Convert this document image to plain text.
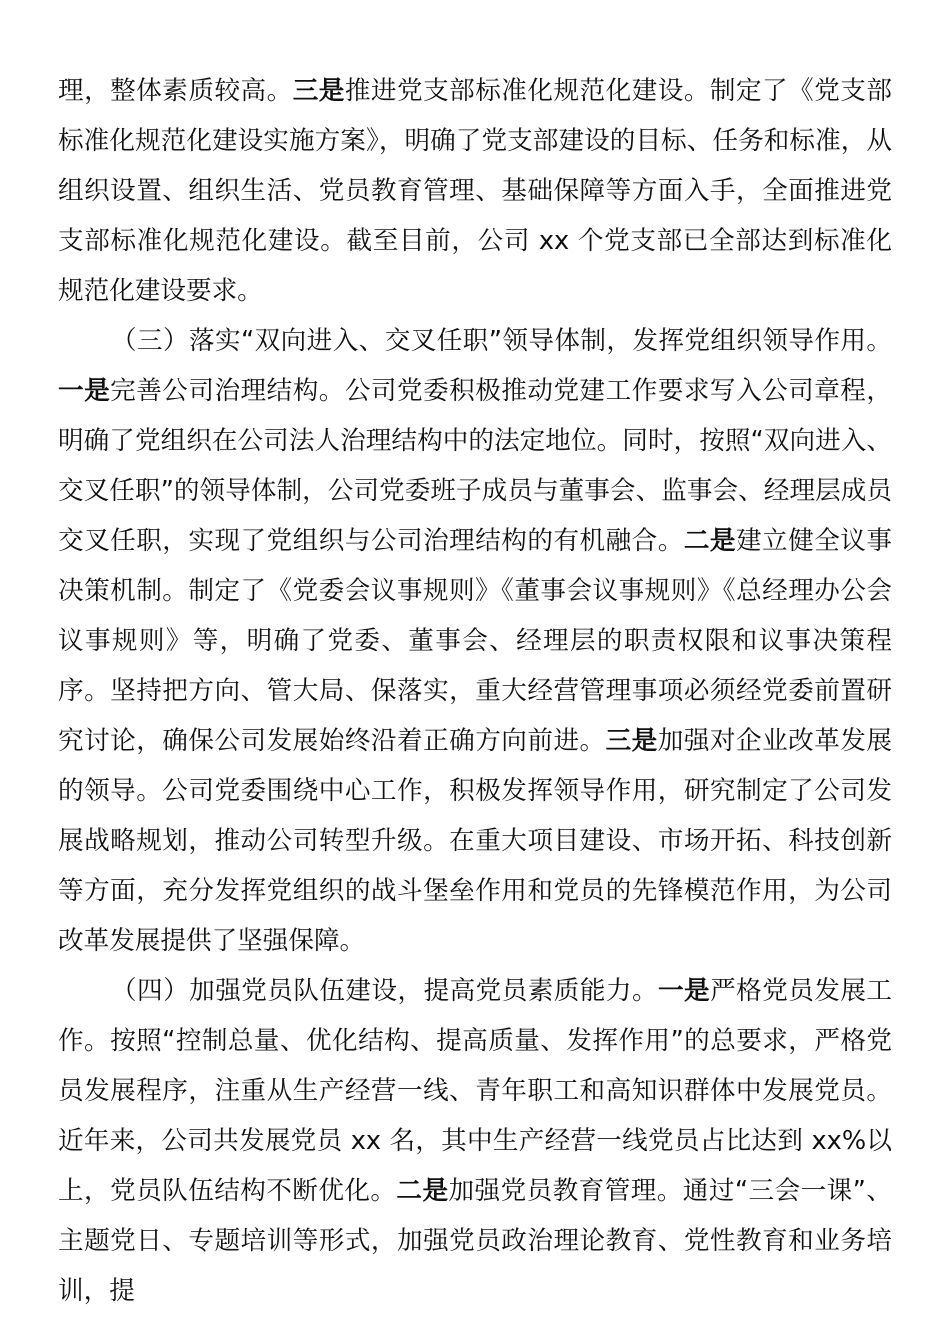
理，整体素质较高。三是推进党支部标准化规范化建设。制定了《党支部标准化规范化建设实施方案》，明确了党支部建设的目标、任务和标准，从组织设置、组织生活、党员教育管理、基础保障等方面入手，全面推进党支部标准化规范化建设。截至目前，公司 xx 个党支部已全部达到标准化规范化建设要求。

（三）落实“双向进入、交叉任职”领导体制，发挥党组织领导作用。一是完善公司治理结构。公司党委积极推动党建工作要求写入公司章程，明确了党组织在公司法人治理结构中的法定地位。同时，按照“双向进入、交叉任职”的领导体制，公司党委班子成员与董事会、监事会、经理层成员交叉任职，实现了党组织与公司治理结构的有机融合。二是建立健全议事决策机制。制定了《党委会议事规则》《董事会议事规则》《总经理办公会议事规则》等，明确了党委、董事会、经理层的职责权限和议事决策程序。坚持把方向、管大局、保落实，重大经营管理事项必须经党委前置研究讨论，确保公司发展始终沿着正确方向前进。三是加强对企业改革发展的领导。公司党委围绕中心工作，积极发挥领导作用，研究制定了公司发展战略规划，推动公司转型升级。在重大项目建设、市场开拓、科技创新等方面，充分发挥党组织的战斗堡垒作用和党员的先锋模范作用，为公司改革发展提供了坚强保障。

（四）加强党员队伍建设，提高党员素质能力。一是严格党员发展工作。按照“控制总量、优化结构、提高质量、发挥作用”的总要求，严格党员发展程序，注重从生产经营一线、青年职工和高知识群体中发展党员。近年来，公司共发展党员 xx 名，其中生产经营一线党员占比达到 xx%以上，党员队伍结构不断优化。二是加强党员教育管理。通过“三会一课”、主题党日、专题培训等形式，加强党员政治理论教育、党性教育和业务培训，提
